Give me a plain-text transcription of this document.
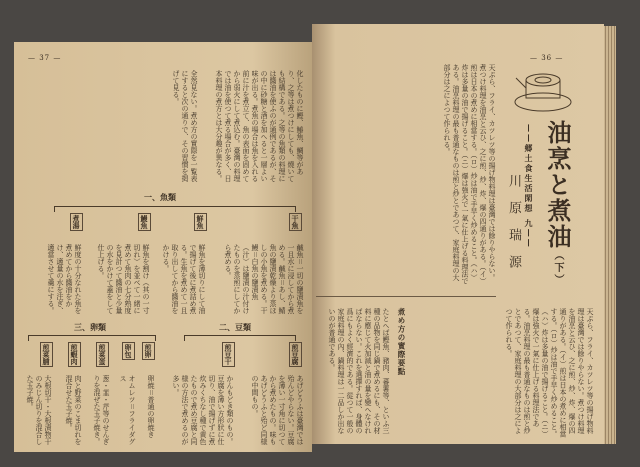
— 37 —
化したものに鰹、鰆魚、鯛等があり、之等は煮つけにしても、燒いても結構である。之等の魚類の料理には醬油を使ふのが通例であるが、その中に砂糖と酒を加へると一層よい味が出る。煮魚の場合は魚を入れる前に汁を煮立て、魚の表面を固めてから弱火にして煮込む。臺灣の料理では油を使つて煮る場合が多く、日本料理の煮方とは大分趣が異なる。
全然見ない。煮め方の實際を一覧表にすると次の通りで、その習慣を掲げて見る。
一、魚類
干魚
鹹魚＝一切の鹽漬魚を一且水に浸してから煮める。鹹魚＝あし、鯖魚の鹽漬乾燥より蒸ほしの小魚を煮める。干鰻＝白魚の鹽漬魚（汁）は鹽漬の汁付けたものを蒸煎にしてから煮める。
鮮魚
鮮魚を薄切りにして油で揚げて後に煮詰め煮る。生魚を煮めて一且取り出してから醬油をかける。
鰻魚
鮮魚を割け（其の一寸切れ）を並べて一緒に煮めて魚肉の七分熟度を見計つて醬油と少量の水をかけて蓋をして仕上げる。
煮湯
鮮度の十分なれた魚を煮めてから醬油をかけ、適量の水を注ぎ、適當させて羹にする。
二、豆類
煎豆腐
あげどうふは臺灣では殆んどやらない。豆腐を薄い一寸角に切つてから煮めたもの。味もあげどうふと殆ど同様の中間もの。
煎豆干
かんもどき類のもの。豆腐を薄い方形狀に仕切り、油で揚げずに煮炊みくちなし種で黄色たもので煮め豆腐と同様の方法で煮めるのが多い。
三、卵類
煎卵
卵焼＝普通の卵焼き
卵包
オムレツ＝フライダグス
煎菜蛋
葱・韮・芹等のせんぎりを混ぜた玉子焼き。
煎蝦肉
肉と野菜のこま切れを混合せた玉子焼。
煎菜脯
大根切干・大根漬物干のみじん切りを混合した玉子焼。
— 36 —
油烹と煮油（下）
——郷土食生活閑想 九——
川原瑞源
天ぷら、フライ、カツレツ等の揚げ物料理は臺灣では餘りやらない。煮つけ料理を油烹と云ひ、之に煎、炒、炸、爆の四通りがある。（イ）煎は日本の煮めに相當する。（ロ）炒は油で手早く炒めること。（ハ）炸は多量の油で揚げること。（ニ）爆は強火で一氣に仕上げる料理法である。油烹料理の最も普通なものは煎と炒とであつて、家庭料理の大部分は之によつて作られる。
煮め方の實際要點
たとへば鰹魚、豬肉、蕃薯等、といふ三種の品物を同じ鍋で煮めるにも、その材料に應じて火加減と油の量を變へなければならない。これを選擇すれば、身體の爲にもよく經濟的である。從つて一般の家庭料理の內、鍋料理は一二品しか出ないのが普通である。	天ぷら、フライ、カツレツ等の揚げ物料理は臺灣では餘りやらない。煮つけ料理を油烹と云ひ、之に煎、炒、炸、爆の四通りがある。（イ）煎は日本の煮めに相當する。（ロ）炒は油で手早く炒めること。（ハ）炸は多量の油で揚げること。（ニ）爆は強火で一氣に仕上げる料理法である。油烹料理の最も普通なものは煎と炒とであつて、家庭料理の大部分は之によつて作られる。
